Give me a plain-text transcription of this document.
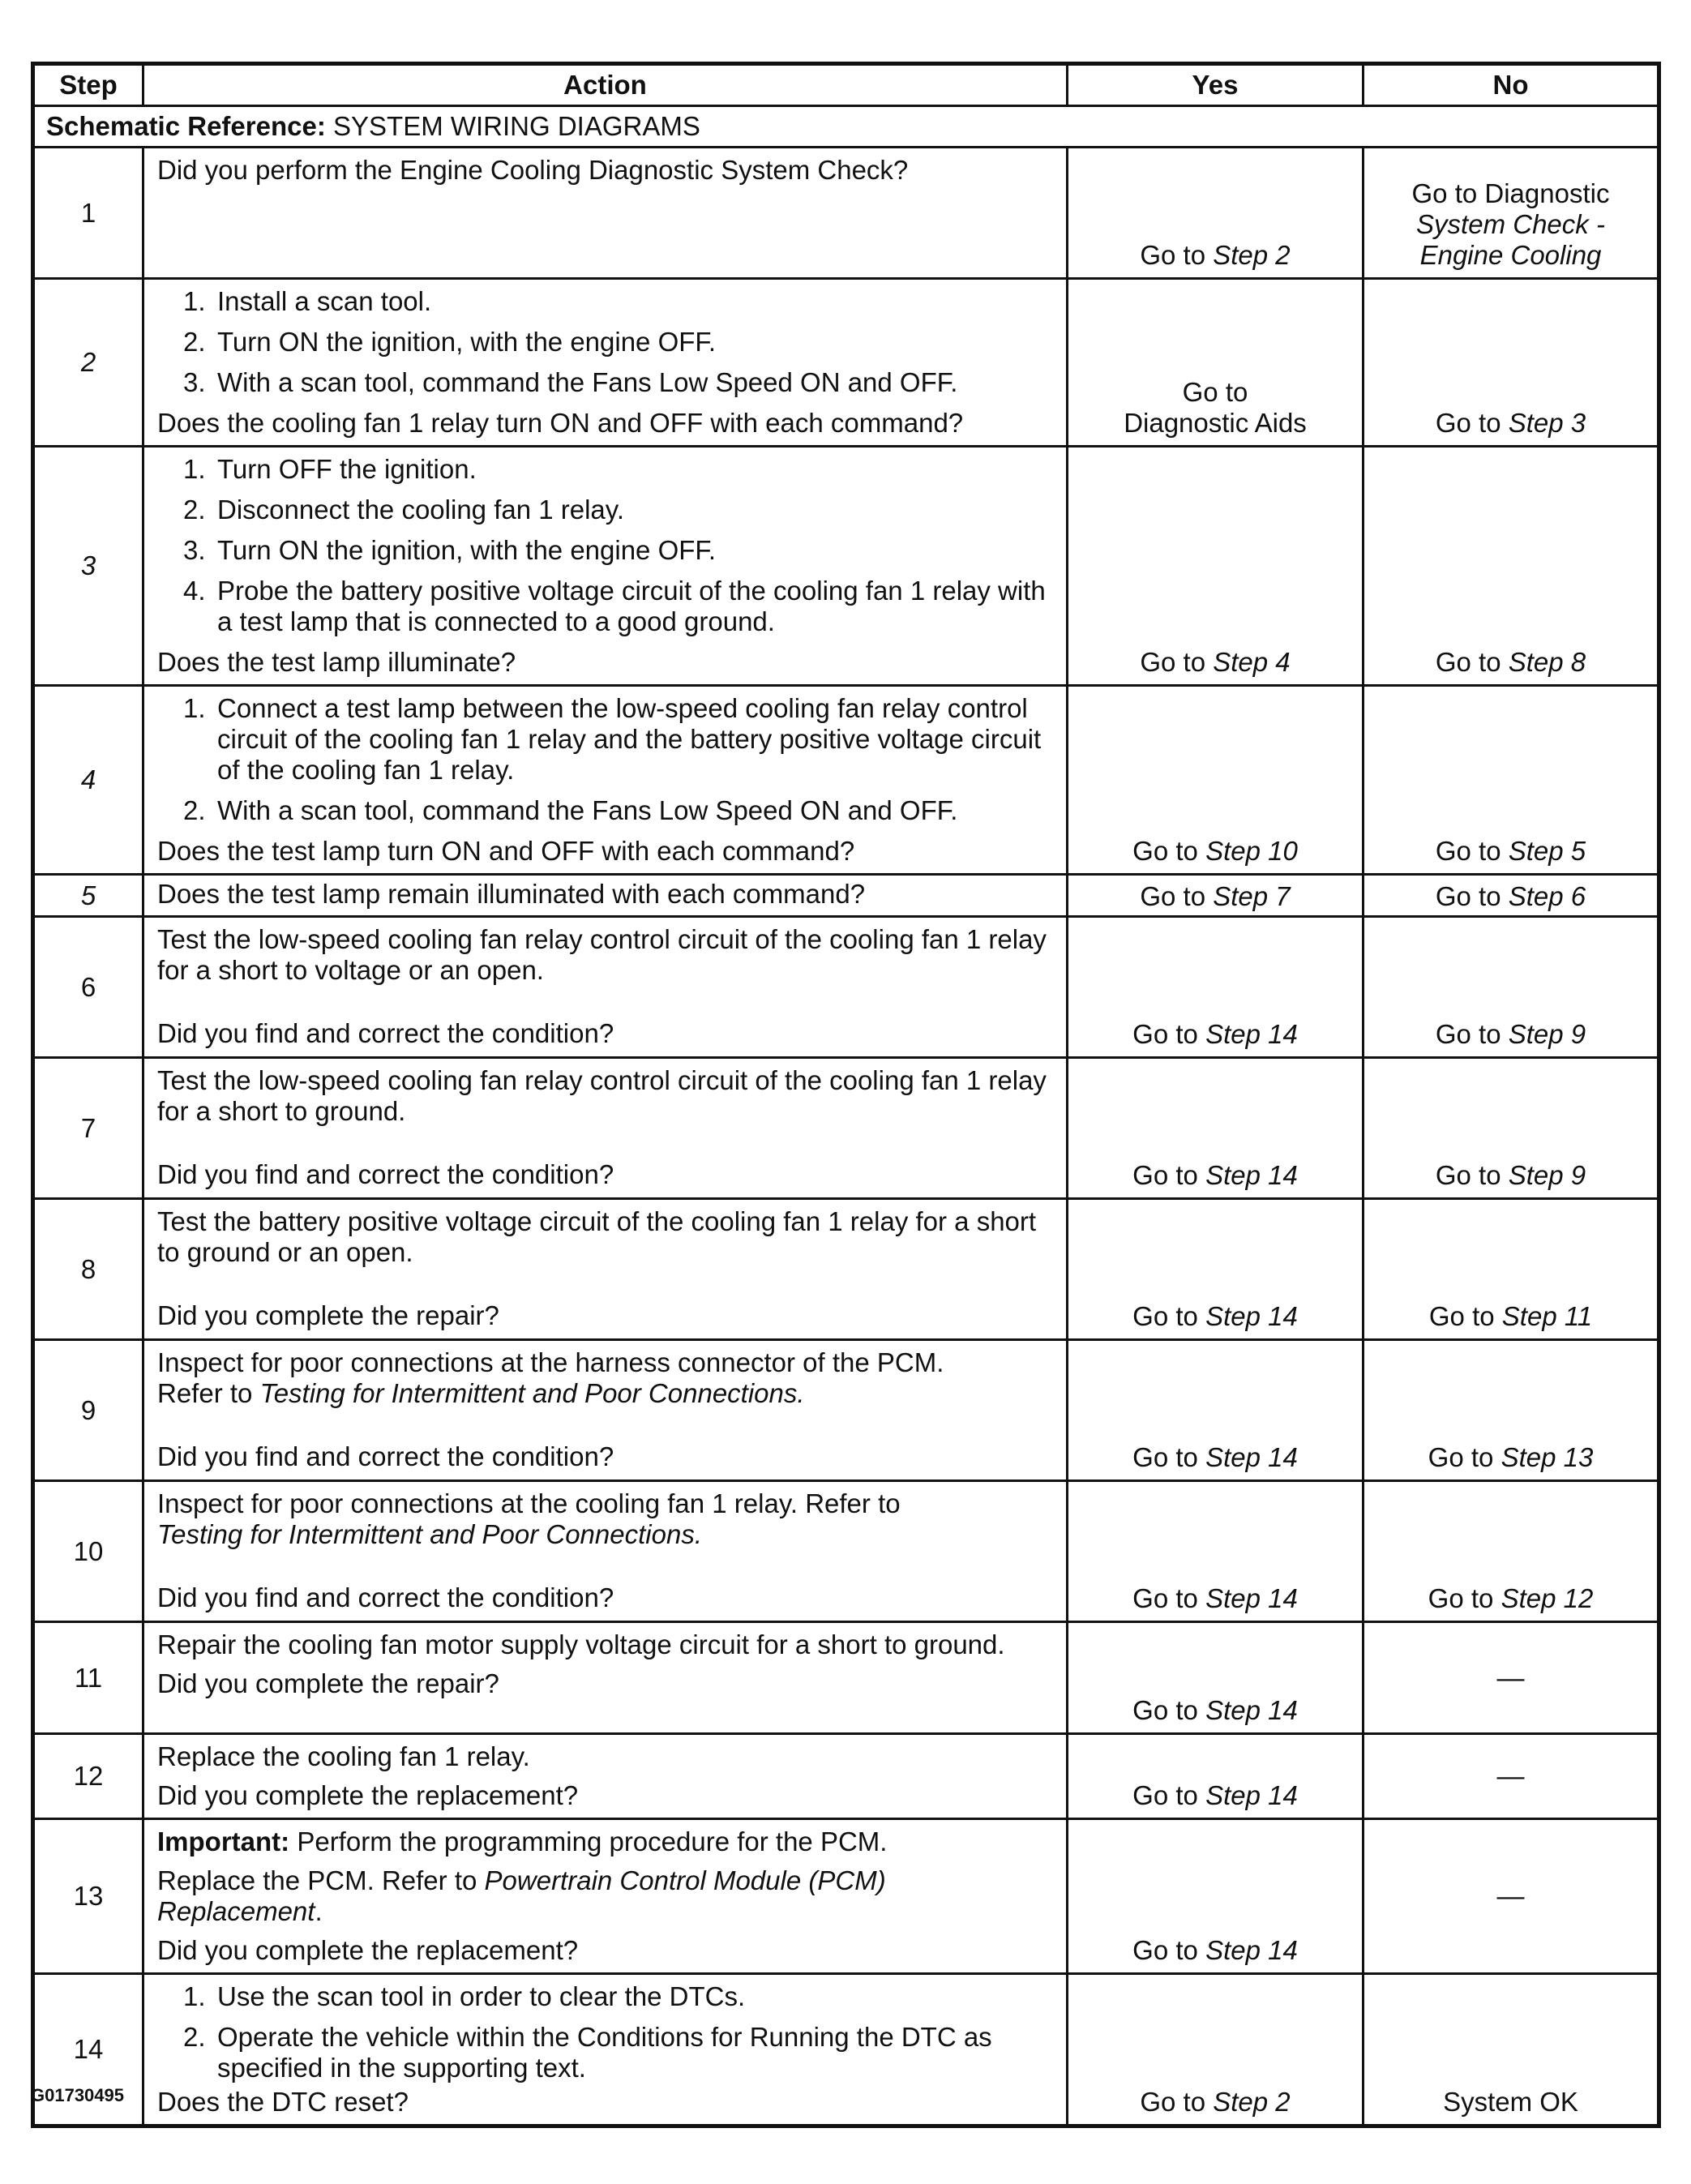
Step	Action	Yes	No
Schematic Reference: SYSTEM WIRING DIAGRAMS			
1	Did you perform the Engine Cooling Diagnostic System Check?	Go to Step 2	Go to Diagnostic
System Check -
Engine Cooling

2	1. Install a scan tool.
2. Turn ON the ignition, with the engine OFF.
3. With a scan tool, command the Fans Low Speed ON and OFF.
Does the cooling fan 1 relay turn ON and OFF with each command?	Go to
Diagnostic Aids	Go to Step 3
3	1. Turn OFF the ignition.
2. Disconnect the cooling fan 1 relay.
3. Turn ON the ignition, with the engine OFF.
4. Probe the battery positive voltage circuit of the cooling fan 1 relay with a test lamp that is connected to a good ground.
Does the test lamp illuminate?	Go to Step 4	Go to Step 8
4	1. Connect a test lamp between the low-speed cooling fan relay control circuit of the cooling fan 1 relay and the battery positive voltage circuit of the cooling fan 1 relay.
2. With a scan tool, command the Fans Low Speed ON and OFF.
Does the test lamp turn ON and OFF with each command?	Go to Step 10	Go to Step 5
5	Does the test lamp remain illuminated with each command?	Go to Step 7	Go to Step 6
6	Test the low-speed cooling fan relay control circuit of the cooling fan 1 relay for a short to voltage or an open.
Did you find and correct the condition?	Go to Step 14	Go to Step 9
7	Test the low-speed cooling fan relay control circuit of the cooling fan 1 relay for a short to ground.
Did you find and correct the condition?	Go to Step 14	Go to Step 9
8	Test the battery positive voltage circuit of the cooling fan 1 relay for a short to ground or an open.
Did you complete the repair?	Go to Step 14	Go to Step 11
9	Inspect for poor connections at the harness connector of the PCM.
Refer to Testing for Intermittent and Poor Connections.
Did you find and correct the condition?	Go to Step 14	Go to Step 13
10	Inspect for poor connections at the cooling fan 1 relay. Refer to
Testing for Intermittent and Poor Connections.
Did you find and correct the condition?	Go to Step 14	Go to Step 12
11	Repair the cooling fan motor supply voltage circuit for a short to ground.
Did you complete the repair?	Go to Step 14	—
12	Replace the cooling fan 1 relay.
Did you complete the replacement?	Go to Step 14	—
13	Important: Perform the programming procedure for the PCM.
Replace the PCM. Refer to Powertrain Control Module (PCM) Replacement.
Did you complete the replacement?	Go to Step 14	—
14	1. Use the scan tool in order to clear the DTCs.
2. Operate the vehicle within the Conditions for Running the DTC as specified in the supporting text.
Does the DTC reset?	Go to Step 2	System OK
G01730495
